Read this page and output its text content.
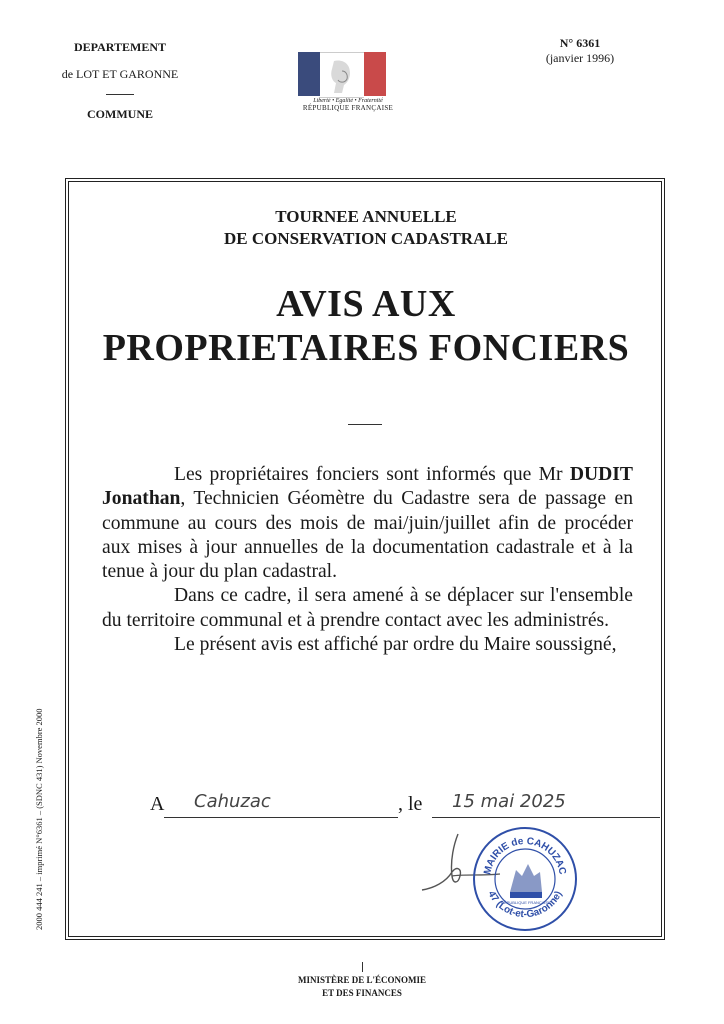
DEPARTEMENT
de LOT ET GARONNE
COMMUNE
N° 6361
(janvier 1996)
Liberté • Égalité • Fraternité
RÉPUBLIQUE FRANÇAISE
TOURNEE ANNUELLE
DE CONSERVATION CADASTRALE
AVIS AUX
PROPRIETAIRES FONCIERS

Les propriétaires fonciers sont informés que Mr DUDIT Jonathan, Technicien Géomètre du Cadastre sera de passage en commune au cours des mois de mai/juin/juillet afin de procéder aux mises à jour annuelles de la documentation cadastrale et à la tenue à jour du plan cadastral.

Dans ce cadre, il sera amené à se déplacer sur l'ensemble du territoire communal et à prendre contact avec les administrés.

Le présent avis est affiché par ordre du Maire soussigné,

A Cahuzac	, le 15 mai 2025
MAIRIE de CAHUZAC
47 (Lot-et-Garonne)
RÉPUBLIQUE FRANÇAISE
2000 444 241 – imprimé N°6361 – (SDNC 431) Novembre 2000
MINISTÈRE DE L'ÉCONOMIE
ET DES FINANCES
